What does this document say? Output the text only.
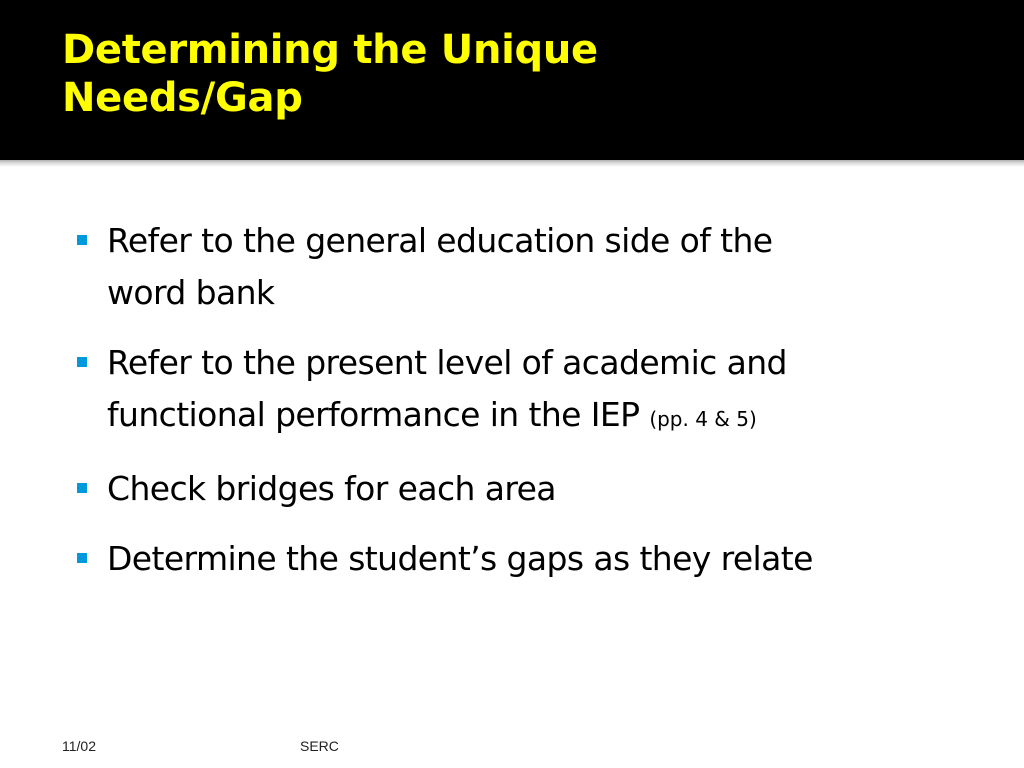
Determining the Unique
Needs/Gap
Refer to the general education side of the
word bank
Refer to the present level of academic and
functional performance in the IEP (pp. 4 & 5)
Check bridges for each area
Determine the student’s gaps as they relate
11/02	SERC
